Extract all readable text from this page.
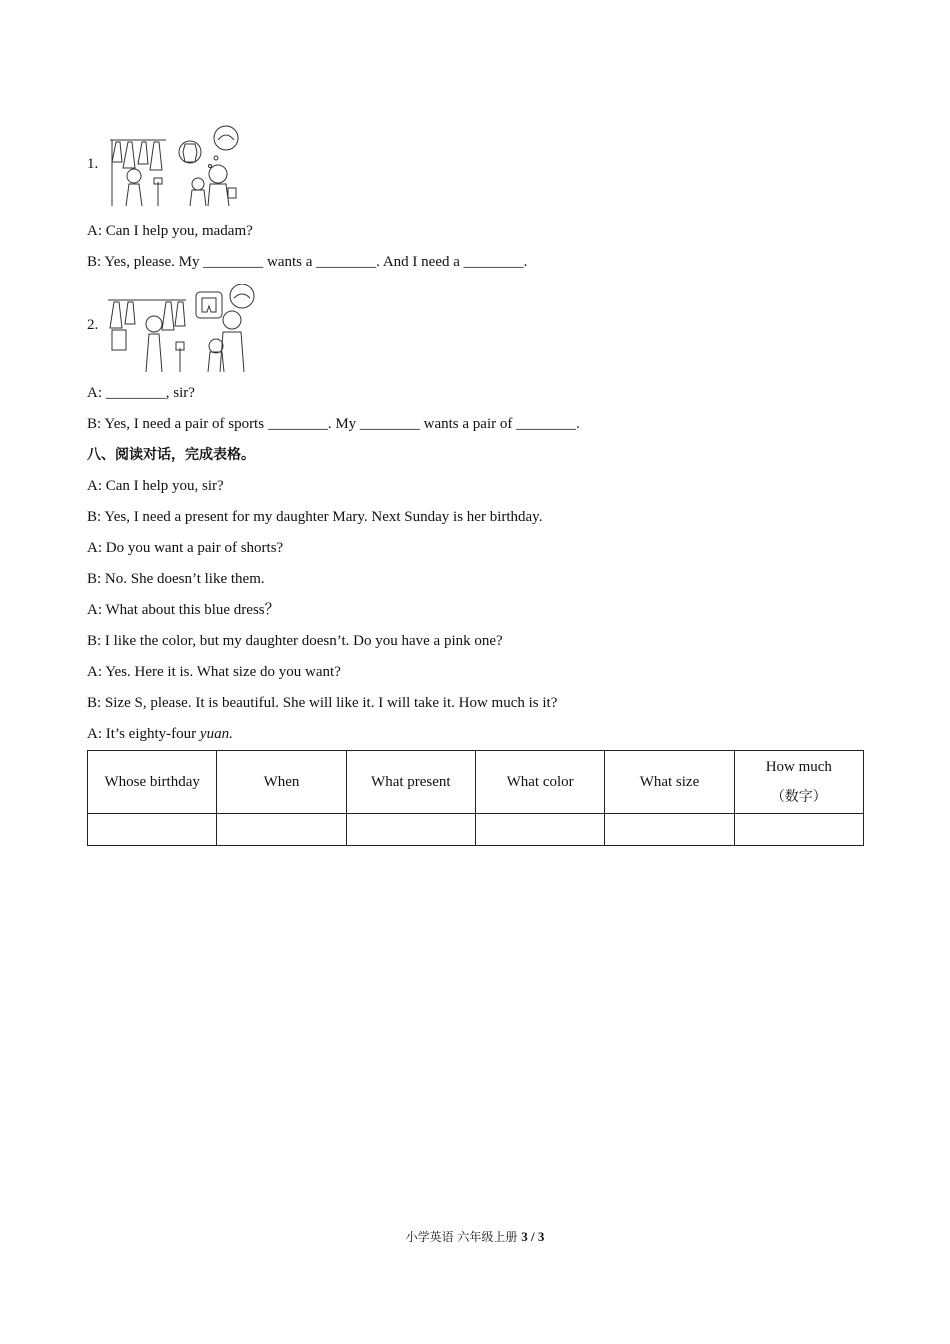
1.
A: Can I help you, madam?
B: Yes, please. My ________ wants a ________. And I need a ________.
2.
A: ________, sir?
B: Yes, I need a pair of sports ________. My ________ wants a pair of ________.
八、阅读对话，完成表格。
A: Can I help you, sir?
B: Yes, I need a present for my daughter Mary. Next Sunday is her birthday.
A: Do you want a pair of shorts?
B: No. She doesn’t like them.
A: What about this blue dress？
B: I like the color, but my daughter doesn’t. Do you have a pink one?
A: Yes. Here it is. What size do you want?
B: Size S, please. It is beautiful. She will like it. I will take it. How much is it?
A: It’s eighty-four yuan.
Whose birthday	When	What present	What color	What size	How much
（数字）

小学英语 六年级上册 3 / 3
